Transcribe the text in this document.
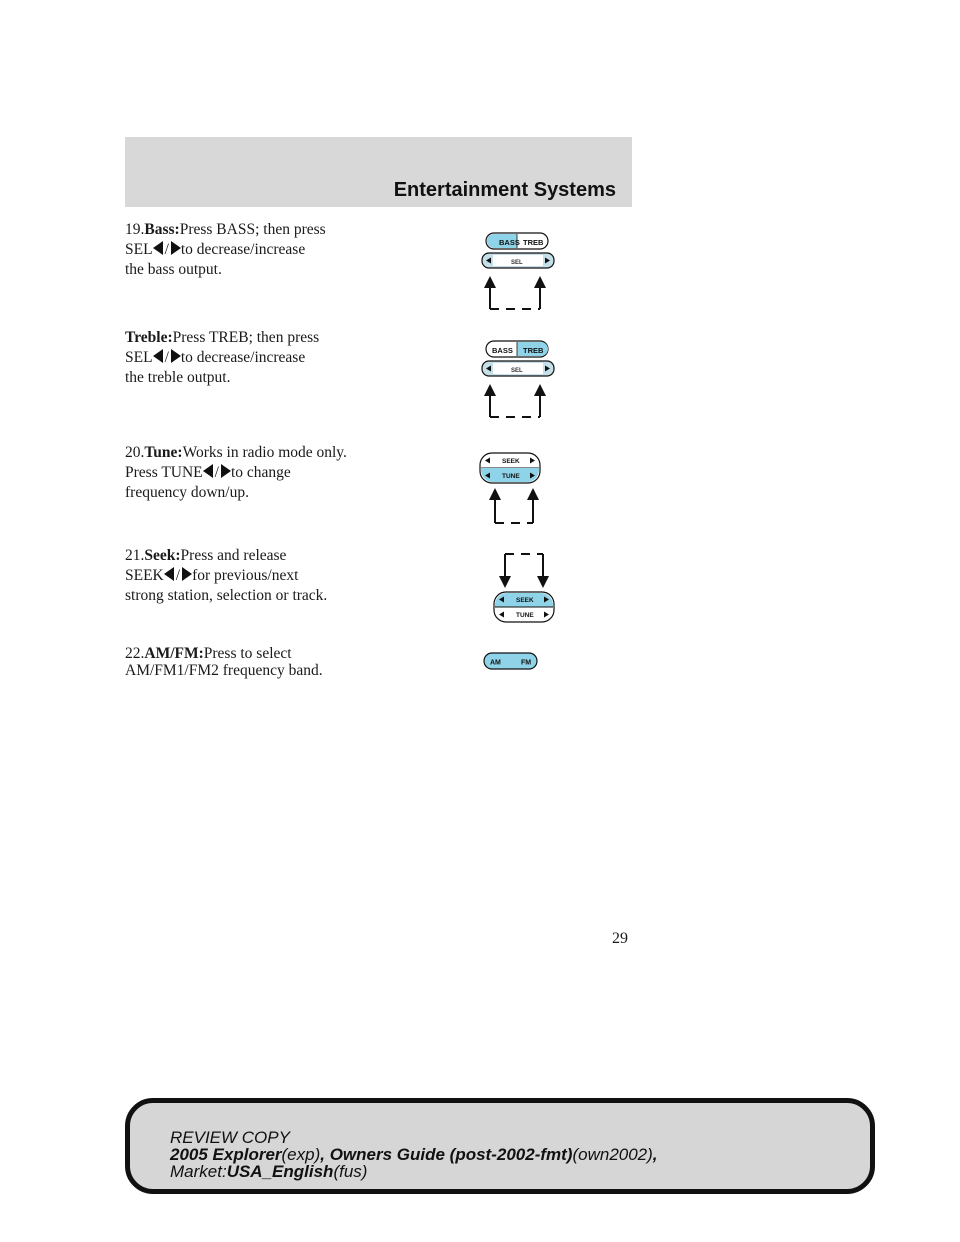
Entertainment Systems
19.Bass:Press BASS; then press
SEL / to decrease/increase
the bass output.
Treble:Press TREB; then press
SEL / to decrease/increase
the treble output.
20.Tune:Works in radio mode only.
Press TUNE / to change
frequency down/up.
21.Seek:Press and release
SEEK / for previous/next
strong station, selection or track.
22.AM/FM:Press to select
AM/FM1/FM2 frequency band.
BASS TREB
SEL
BASS TREB
SEL
SEEK
TUNE
SEEK
TUNE
AM	FM
29
REVIEW COPY
2005 Explorer(exp), Owners Guide (post-2002-fmt)(own2002),
Market:USA_English(fus)
